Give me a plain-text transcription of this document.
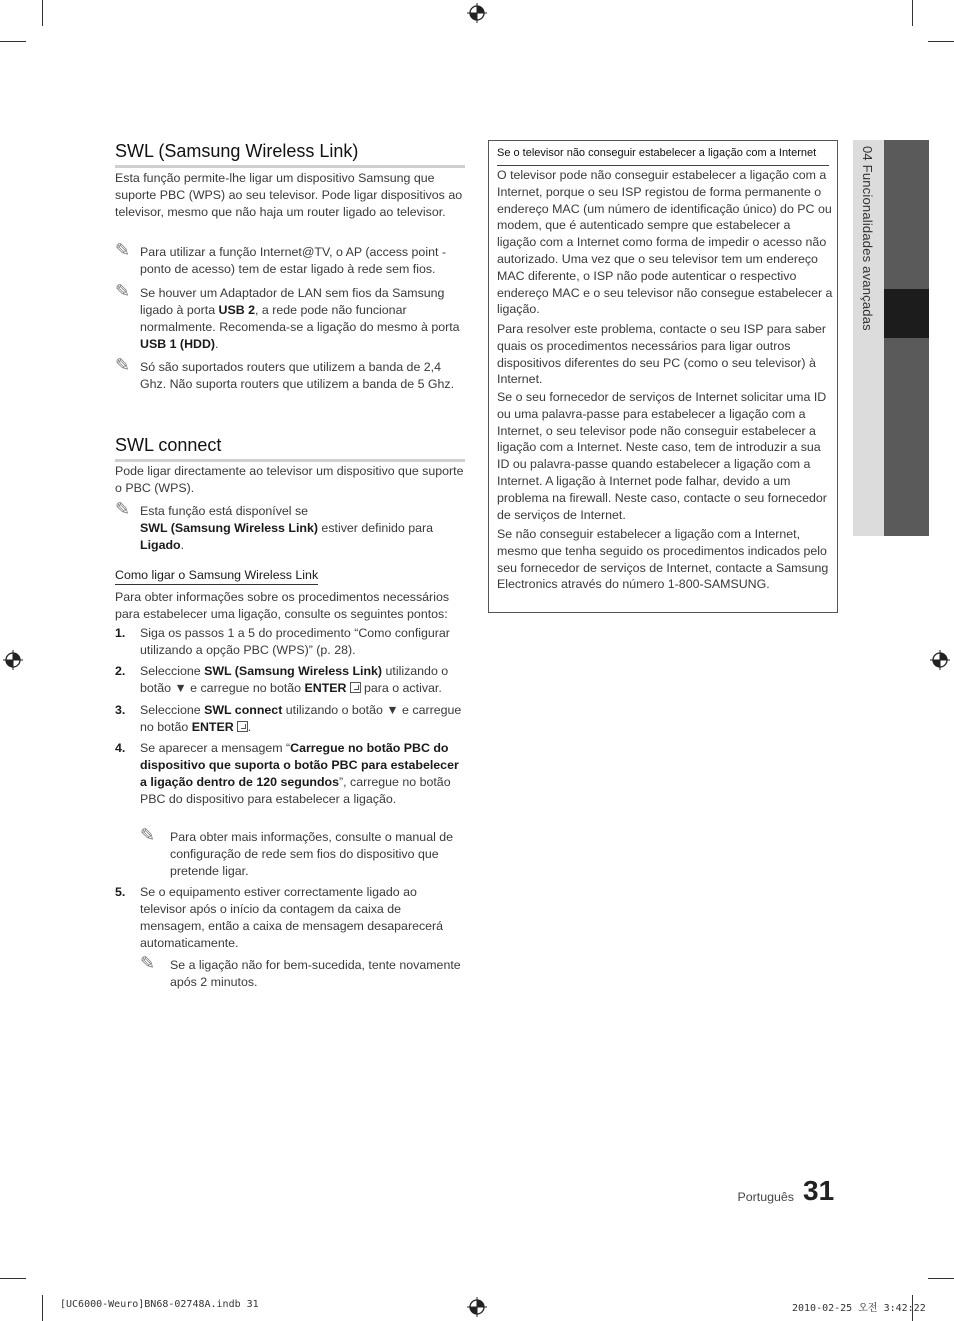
SWL (Samsung Wireless Link)
Esta função permite-lhe ligar um dispositivo Samsung que suporte PBC (WPS) ao seu televisor. Pode ligar dispositivos ao televisor, mesmo que não haja um router ligado ao televisor.
✎ Para utilizar a função Internet@TV, o AP (access point - ponto de acesso) tem de estar ligado à rede sem fios.
✎ Se houver um Adaptador de LAN sem fios da Samsung ligado à porta USB 2, a rede pode não funcionar normalmente. Recomenda-se a ligação do mesmo à porta USB 1 (HDD).
✎ Só são suportados routers que utilizem a banda de 2,4 Ghz. Não suporta routers que utilizem a banda de 5 Ghz.
SWL connect
Pode ligar directamente ao televisor um dispositivo que suporte o PBC (WPS).
✎ Esta função está disponível se
SWL (Samsung Wireless Link) estiver definido para Ligado.
Como ligar o Samsung Wireless Link
Para obter informações sobre os procedimentos necessários para estabelecer uma ligação, consulte os seguintes pontos:
1. Siga os passos 1 a 5 do procedimento “Como configurar utilizando a opção PBC (WPS)” (p. 28).
2. Seleccione SWL (Samsung Wireless Link) utilizando o botão ▼ e carregue no botão ENTER para o activar.
3. Seleccione SWL connect utilizando o botão ▼ e carregue no botão ENTER .
4. Se aparecer a mensagem “Carregue no botão PBC do dispositivo que suporta o botão PBC para estabelecer a ligação dentro de 120 segundos”, carregue no botão PBC do dispositivo para estabelecer a ligação.
✎ Para obter mais informações, consulte o manual de configuração de rede sem fios do dispositivo que pretende ligar.
5. Se o equipamento estiver correctamente ligado ao televisor após o início da contagem da caixa de mensagem, então a caixa de mensagem desaparecerá automaticamente.
✎ Se a ligação não for bem-sucedida, tente novamente após 2 minutos.
Se o televisor não conseguir estabelecer a ligação com a Internet
O televisor pode não conseguir estabelecer a ligação com a Internet, porque o seu ISP registou de forma permanente o endereço MAC (um número de identificação único) do PC ou modem, que é autenticado sempre que estabelecer a ligação com a Internet como forma de impedir o acesso não autorizado. Uma vez que o seu televisor tem um endereço MAC diferente, o ISP não pode autenticar o respectivo endereço MAC e o seu televisor não consegue estabelecer a ligação.
Para resolver este problema, contacte o seu ISP para saber quais os procedimentos necessários para ligar outros dispositivos diferentes do seu PC (como o seu televisor) à Internet.
Se o seu fornecedor de serviços de Internet solicitar uma ID ou uma palavra-passe para estabelecer a ligação com a Internet, o seu televisor pode não conseguir estabelecer a ligação com a Internet. Neste caso, tem de introduzir a sua ID ou palavra-passe quando estabelecer a ligação com a Internet. A ligação à Internet pode falhar, devido a um problema na firewall. Neste caso, contacte o seu fornecedor de serviços de Internet.
Se não conseguir estabelecer a ligação com a Internet, mesmo que tenha seguido os procedimentos indicados pelo seu fornecedor de serviços de Internet, contacte a Samsung Electronics através do número 1-800-SAMSUNG.
04 Funcionalidades avançadas
Português 31
[UC6000-Weuro]BN68-02748A.indb 31	2010-02-25 오전 3:42:22
